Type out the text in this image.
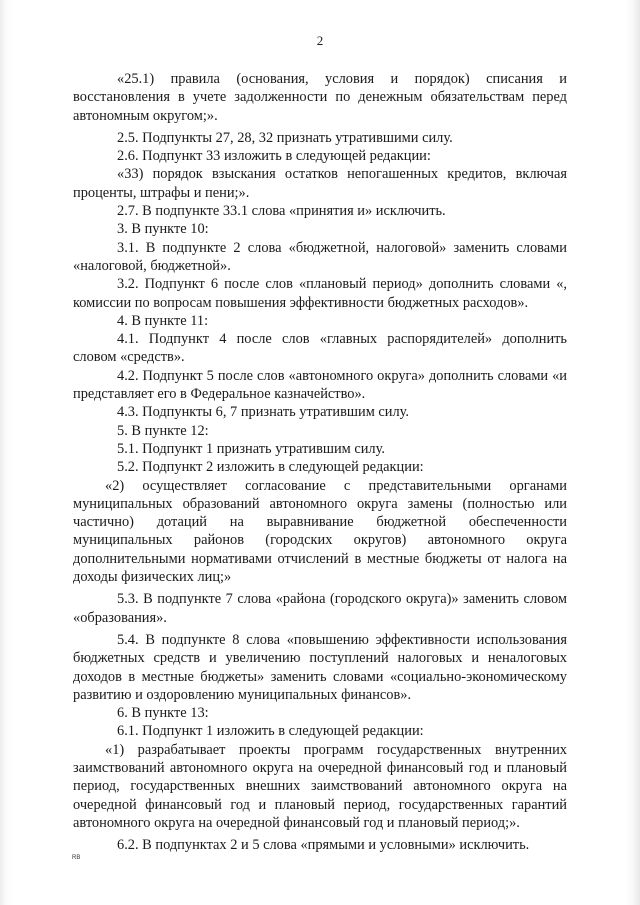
2

«25.1) правила (основания, условия и порядок) списания и восстановления в учете задолженности по денежным обязательствам перед автономным округом;».

2.5. Подпункты 27, 28, 32 признать утратившими силу.

2.6. Подпункт 33 изложить в следующей редакции:

«33) порядок взыскания остатков непогашенных кредитов, включая проценты, штрафы и пени;».

2.7. В подпункте 33.1 слова «принятия и» исключить.

3. В пункте 10:

3.1. В подпункте 2 слова «бюджетной, налоговой» заменить словами «налоговой, бюджетной».

3.2. Подпункт 6 после слов «плановый период» дополнить словами «, комиссии по вопросам повышения эффективности бюджетных расходов».

4. В пункте 11:

4.1. Подпункт 4 после слов «главных распорядителей» дополнить словом «средств».

4.2. Подпункт 5 после слов «автономного округа» дополнить словами «и представляет его в Федеральное казначейство».

4.3. Подпункты 6, 7 признать утратившим силу.

5. В пункте 12:

5.1. Подпункт 1 признать утратившим силу.

5.2. Подпункт 2 изложить в следующей редакции:

«2) осуществляет согласование с представительными органами муниципальных образований автономного округа замены (полностью или частично) дотаций на выравнивание бюджетной обеспеченности муниципальных районов (городских округов) автономного округа дополнительными нормативами отчислений в местные бюджеты от налога на доходы физических лиц;»

5.3. В подпункте 7 слова «района (городского округа)» заменить словом «образования».

5.4. В подпункте 8 слова «повышению эффективности использования бюджетных средств и увеличению поступлений налоговых и неналоговых доходов в местные бюджеты» заменить словами «социально-экономическому развитию и оздоровлению муниципальных финансов».

6. В пункте 13:

6.1. Подпункт 1 изложить в следующей редакции:

«1) разрабатывает проекты программ государственных внутренних заимствований автономного округа на очередной финансовый год и плановый период, государственных внешних заимствований автономного округа на очередной финансовый год и плановый период, государственных гарантий автономного округа на очередной финансовый год и плановый период;».

6.2. В подпунктах 2 и 5 слова «прямыми и условными» исключить.

RB
